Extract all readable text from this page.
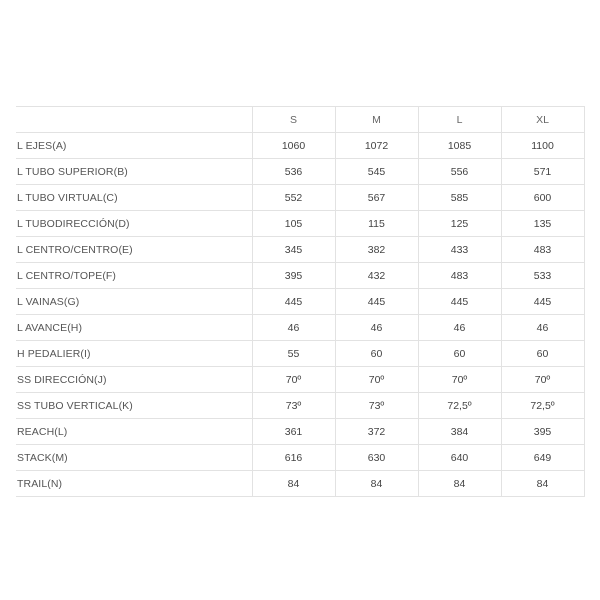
	S	M	L	XL
L EJES(A)	1060	1072	1085	1100
L TUBO SUPERIOR(B)	536	545	556	571
L TUBO VIRTUAL(C)	552	567	585	600
L TUBODIRECCIÓN(D)	105	115	125	135
L CENTRO/CENTRO(E)	345	382	433	483
L CENTRO/TOPE(F)	395	432	483	533
L VAINAS(G)	445	445	445	445
L AVANCE(H)	46	46	46	46
H PEDALIER(I)	55	60	60	60
SS DIRECCIÓN(J)	70º	70º	70º	70º
SS TUBO VERTICAL(K)	73º	73º	72,5º	72,5º
REACH(L)	361	372	384	395
STACK(M)	616	630	640	649
TRAIL(N)	84	84	84	84
